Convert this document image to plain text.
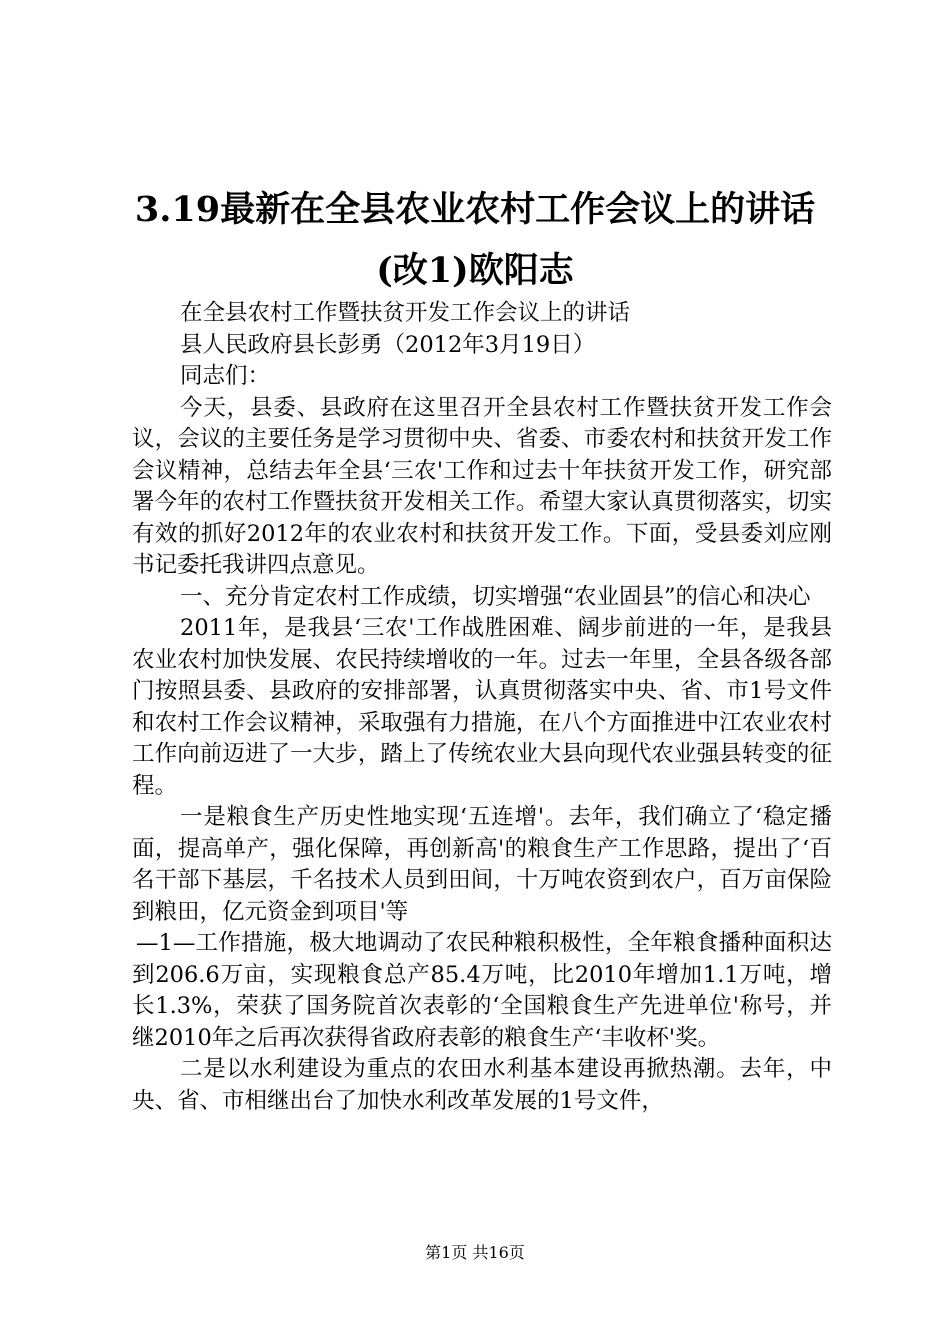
3.19最新在全县农业农村工作会议上的讲话
(改1)欧阳志

在全县农村工作暨扶贫开发工作会议上的讲话

县人民政府县长彭勇（2012年3月19日）

同志们：

今天，县委、县政府在这里召开全县农村工作暨扶贫开发工作会议，会议的主要任务是学习贯彻中央、省委、市委农村和扶贫开发工作会议精神，总结去年全县‘三农'工作和过去十年扶贫开发工作，研究部署今年的农村工作暨扶贫开发相关工作。希望大家认真贯彻落实，切实有效的抓好2012年的农业农村和扶贫开发工作。下面，受县委刘应刚书记委托我讲四点意见。

一、充分肯定农村工作成绩，切实增强“农业固县”的信心和决心

2011年，是我县‘三农'工作战胜困难、阔步前进的一年，是我县农业农村加快发展、农民持续增收的一年。过去一年里，全县各级各部门按照县委、县政府的安排部署，认真贯彻落实中央、省、市1号文件和农村工作会议精神，采取强有力措施，在八个方面推进中江农业农村工作向前迈进了一大步，踏上了传统农业大县向现代农业强县转变的征程。

一是粮食生产历史性地实现‘五连增'。去年，我们确立了‘稳定播面，提高单产，强化保障，再创新高'的粮食生产工作思路，提出了‘百名干部下基层，千名技术人员到田间，十万吨农资到农户，百万亩保险到粮田，亿元资金到项目'等

—1—工作措施，极大地调动了农民种粮积极性，全年粮食播种面积达到206.6万亩，实现粮食总产85.4万吨，比2010年增加1.1万吨，增长1.3%，荣获了国务院首次表彰的‘全国粮食生产先进单位'称号，并继2010年之后再次获得省政府表彰的粮食生产‘丰收杯'奖。

二是以水利建设为重点的农田水利基本建设再掀热潮。去年，中央、省、市相继出台了加快水利改革发展的1号文件，

第1页 共16页
